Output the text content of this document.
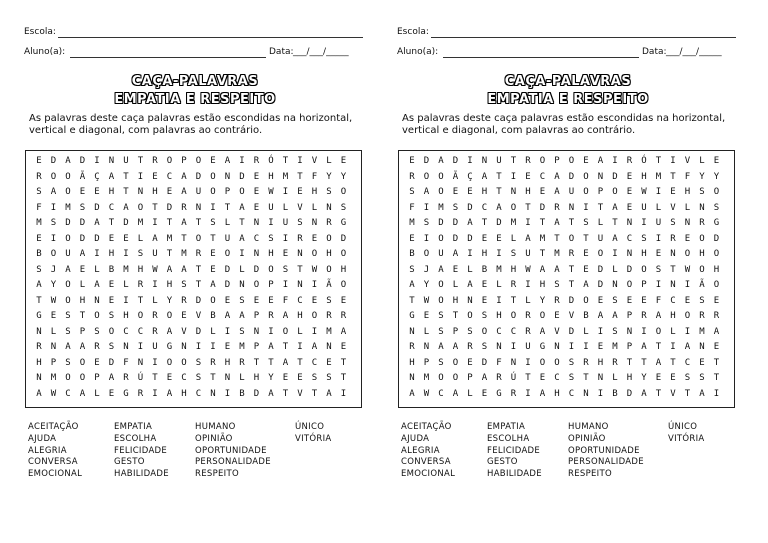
Escola:
Aluno(a):	Data: ___/___/_____
CAÇA-PALAVRAS
EMPATIA E RESPEITO
As palavras deste caça palavras estão escondidas na horizontal, vertical e diagonal, com palavras ao contrário.
E	D	A	D	I	N	U	T	R	O	P	O	E	A	I	R	Ó	T	I	V	L	E
R	O	O	Ã	Ç	A	T	I	E	C	A	D	O	N	D	E	H	M	T	F	Y	Y
S	A	O	E	E	H	T	N	H	E	A	U	O	P	O	E	W	I	E	H	S	O
F	I	M	S	D	C	A	O	T	D	R	N	I	T	A	E	U	L	V	L	N	S
M	S	D	D	A	T	D	M	I	T	A	T	S	L	T	N	I	U	S	N	R	G
E	I	O	D	D	E	E	L	A	M	T	O	T	U	A	C	S	I	R	E	O	D
B	O	U	A	I	H	I	S	U	T	M	R	E	O	I	N	H	E	N	O	H	O
S	J	A	E	L	B	M	H	W	A	A	T	E	D	L	D	O	S	T	W	O	H
A	Y	O	L	A	E	L	R	I	H	S	T	A	D	N	O	P	I	N	I	Ã	O
T	W	O	H	N	E	I	T	L	Y	R	D	O	E	S	E	E	F	C	E	S	E
G	E	S	T	O	S	H	O	R	O	E	V	B	A	A	P	R	A	H	O	R	R
N	L	S	P	S	O	C	C	R	A	V	D	L	I	S	N	I	O	L	I	M	A
R	N	A	A	R	S	N	I	U	G	N	I	I	E	M	P	A	T	I	A	N	E
H	P	S	O	E	D	F	N	I	O	O	S	R	H	R	T	T	A	T	C	E	T
N	M	O	O	P	A	R	Ú	T	E	C	S	T	N	L	H	Y	E	E	S	S	T
A	W	C	A	L	E	G	R	I	A	H	C	N	I	B	D	A	T	V	T	A	I
ACEITAÇÃO
AJUDA
ALEGRIA
CONVERSA
EMOCIONAL
EMPATIA
ESCOLHA
FELICIDADE
GESTO
HABILIDADE
HUMANO
OPINIÃO
OPORTUNIDADE
PERSONALIDADE
RESPEITO
ÚNICO
VITÓRIA
Escola:
Aluno(a):	Data: ___/___/_____
CAÇA-PALAVRAS
EMPATIA E RESPEITO
As palavras deste caça palavras estão escondidas na horizontal, vertical e diagonal, com palavras ao contrário.
E	D	A	D	I	N	U	T	R	O	P	O	E	A	I	R	Ó	T	I	V	L	E
R	O	O	Ã	Ç	A	T	I	E	C	A	D	O	N	D	E	H	M	T	F	Y	Y
S	A	O	E	E	H	T	N	H	E	A	U	O	P	O	E	W	I	E	H	S	O
F	I	M	S	D	C	A	O	T	D	R	N	I	T	A	E	U	L	V	L	N	S
M	S	D	D	A	T	D	M	I	T	A	T	S	L	T	N	I	U	S	N	R	G
E	I	O	D	D	E	E	L	A	M	T	O	T	U	A	C	S	I	R	E	O	D
B	O	U	A	I	H	I	S	U	T	M	R	E	O	I	N	H	E	N	O	H	O
S	J	A	E	L	B	M	H	W	A	A	T	E	D	L	D	O	S	T	W	O	H
A	Y	O	L	A	E	L	R	I	H	S	T	A	D	N	O	P	I	N	I	Ã	O
T	W	O	H	N	E	I	T	L	Y	R	D	O	E	S	E	E	F	C	E	S	E
G	E	S	T	O	S	H	O	R	O	E	V	B	A	A	P	R	A	H	O	R	R
N	L	S	P	S	O	C	C	R	A	V	D	L	I	S	N	I	O	L	I	M	A
R	N	A	A	R	S	N	I	U	G	N	I	I	E	M	P	A	T	I	A	N	E
H	P	S	O	E	D	F	N	I	O	O	S	R	H	R	T	T	A	T	C	E	T
N	M	O	O	P	A	R	Ú	T	E	C	S	T	N	L	H	Y	E	E	S	S	T
A	W	C	A	L	E	G	R	I	A	H	C	N	I	B	D	A	T	V	T	A	I
ACEITAÇÃO
AJUDA
ALEGRIA
CONVERSA
EMOCIONAL
EMPATIA
ESCOLHA
FELICIDADE
GESTO
HABILIDADE
HUMANO
OPINIÃO
OPORTUNIDADE
PERSONALIDADE
RESPEITO
ÚNICO
VITÓRIA
